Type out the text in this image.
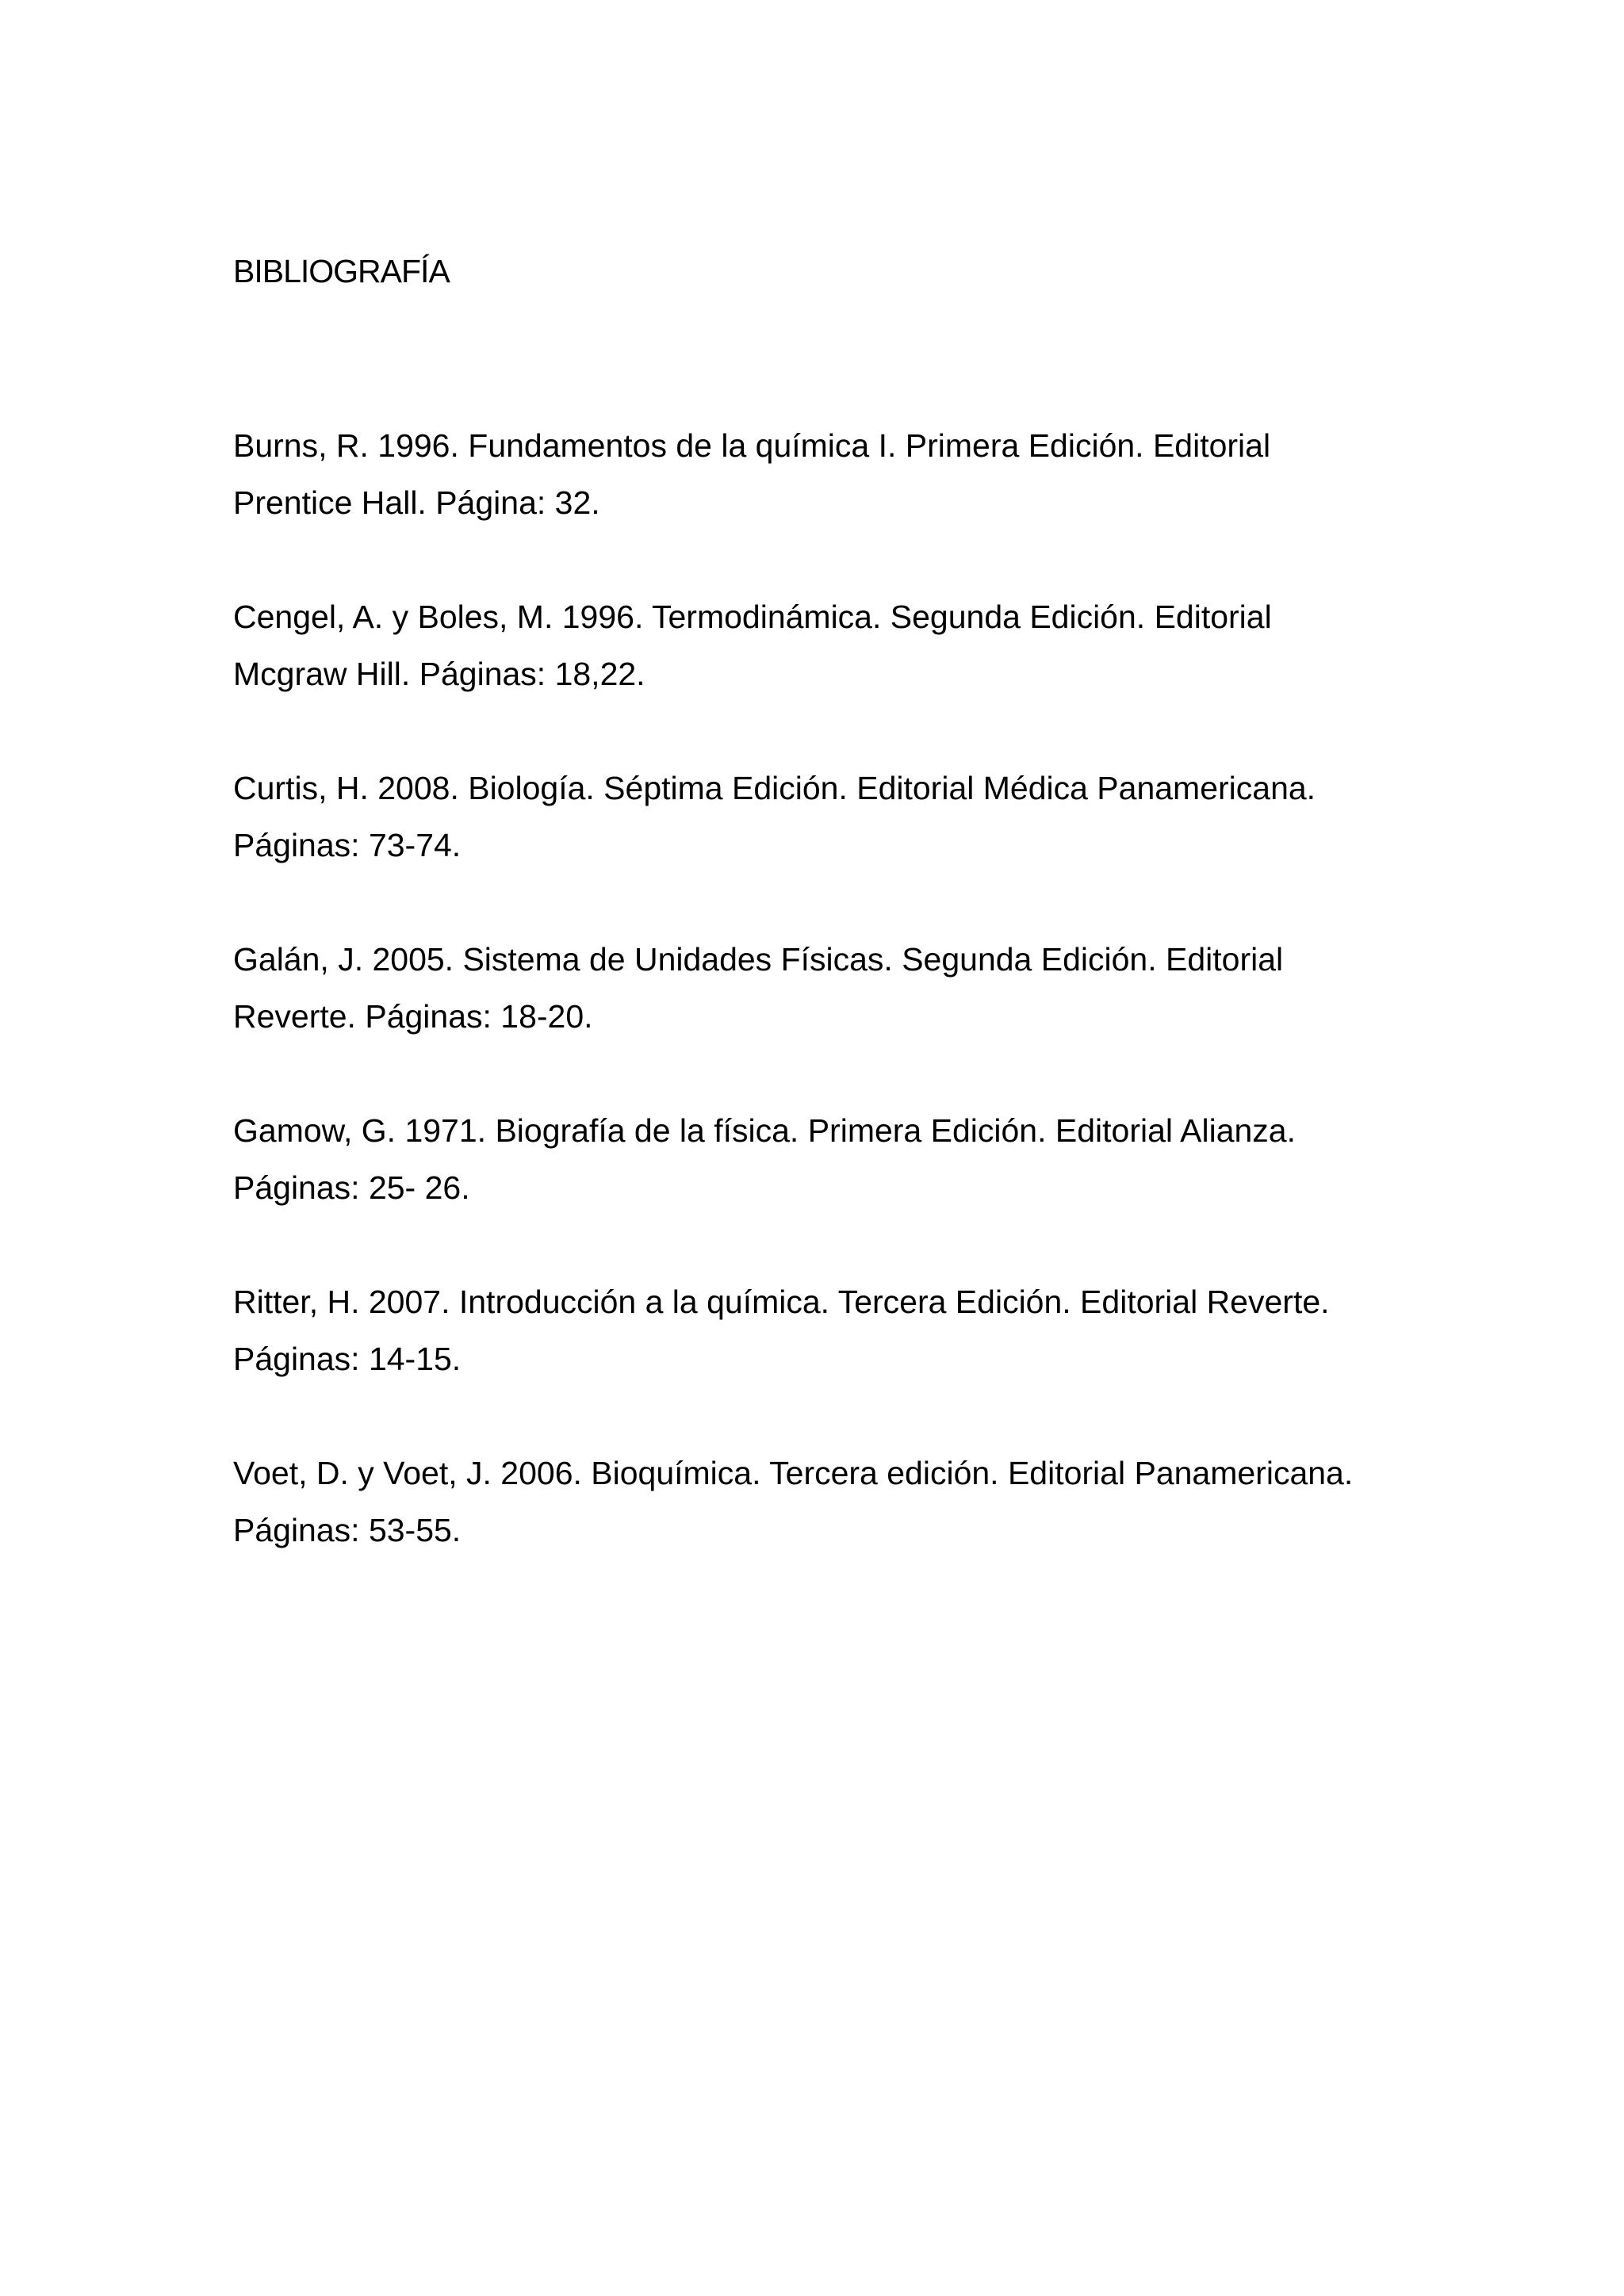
BIBLIOGRAFÍA
Burns, R. 1996. Fundamentos de la química I. Primera Edición. Editorial
Prentice Hall. Página: 32.
Cengel, A. y Boles, M. 1996. Termodinámica. Segunda Edición. Editorial
Mcgraw Hill. Páginas: 18,22.
Curtis, H. 2008. Biología. Séptima Edición. Editorial Médica Panamericana.
Páginas: 73-74.
Galán, J. 2005. Sistema de Unidades Físicas. Segunda Edición. Editorial
Reverte. Páginas: 18-20.
Gamow, G. 1971. Biografía de la física. Primera Edición. Editorial Alianza.
Páginas: 25- 26.
Ritter, H. 2007. Introducción a la química. Tercera Edición. Editorial Reverte.
Páginas: 14-15.
Voet, D. y Voet, J. 2006. Bioquímica. Tercera edición. Editorial Panamericana.
Páginas: 53-55.
